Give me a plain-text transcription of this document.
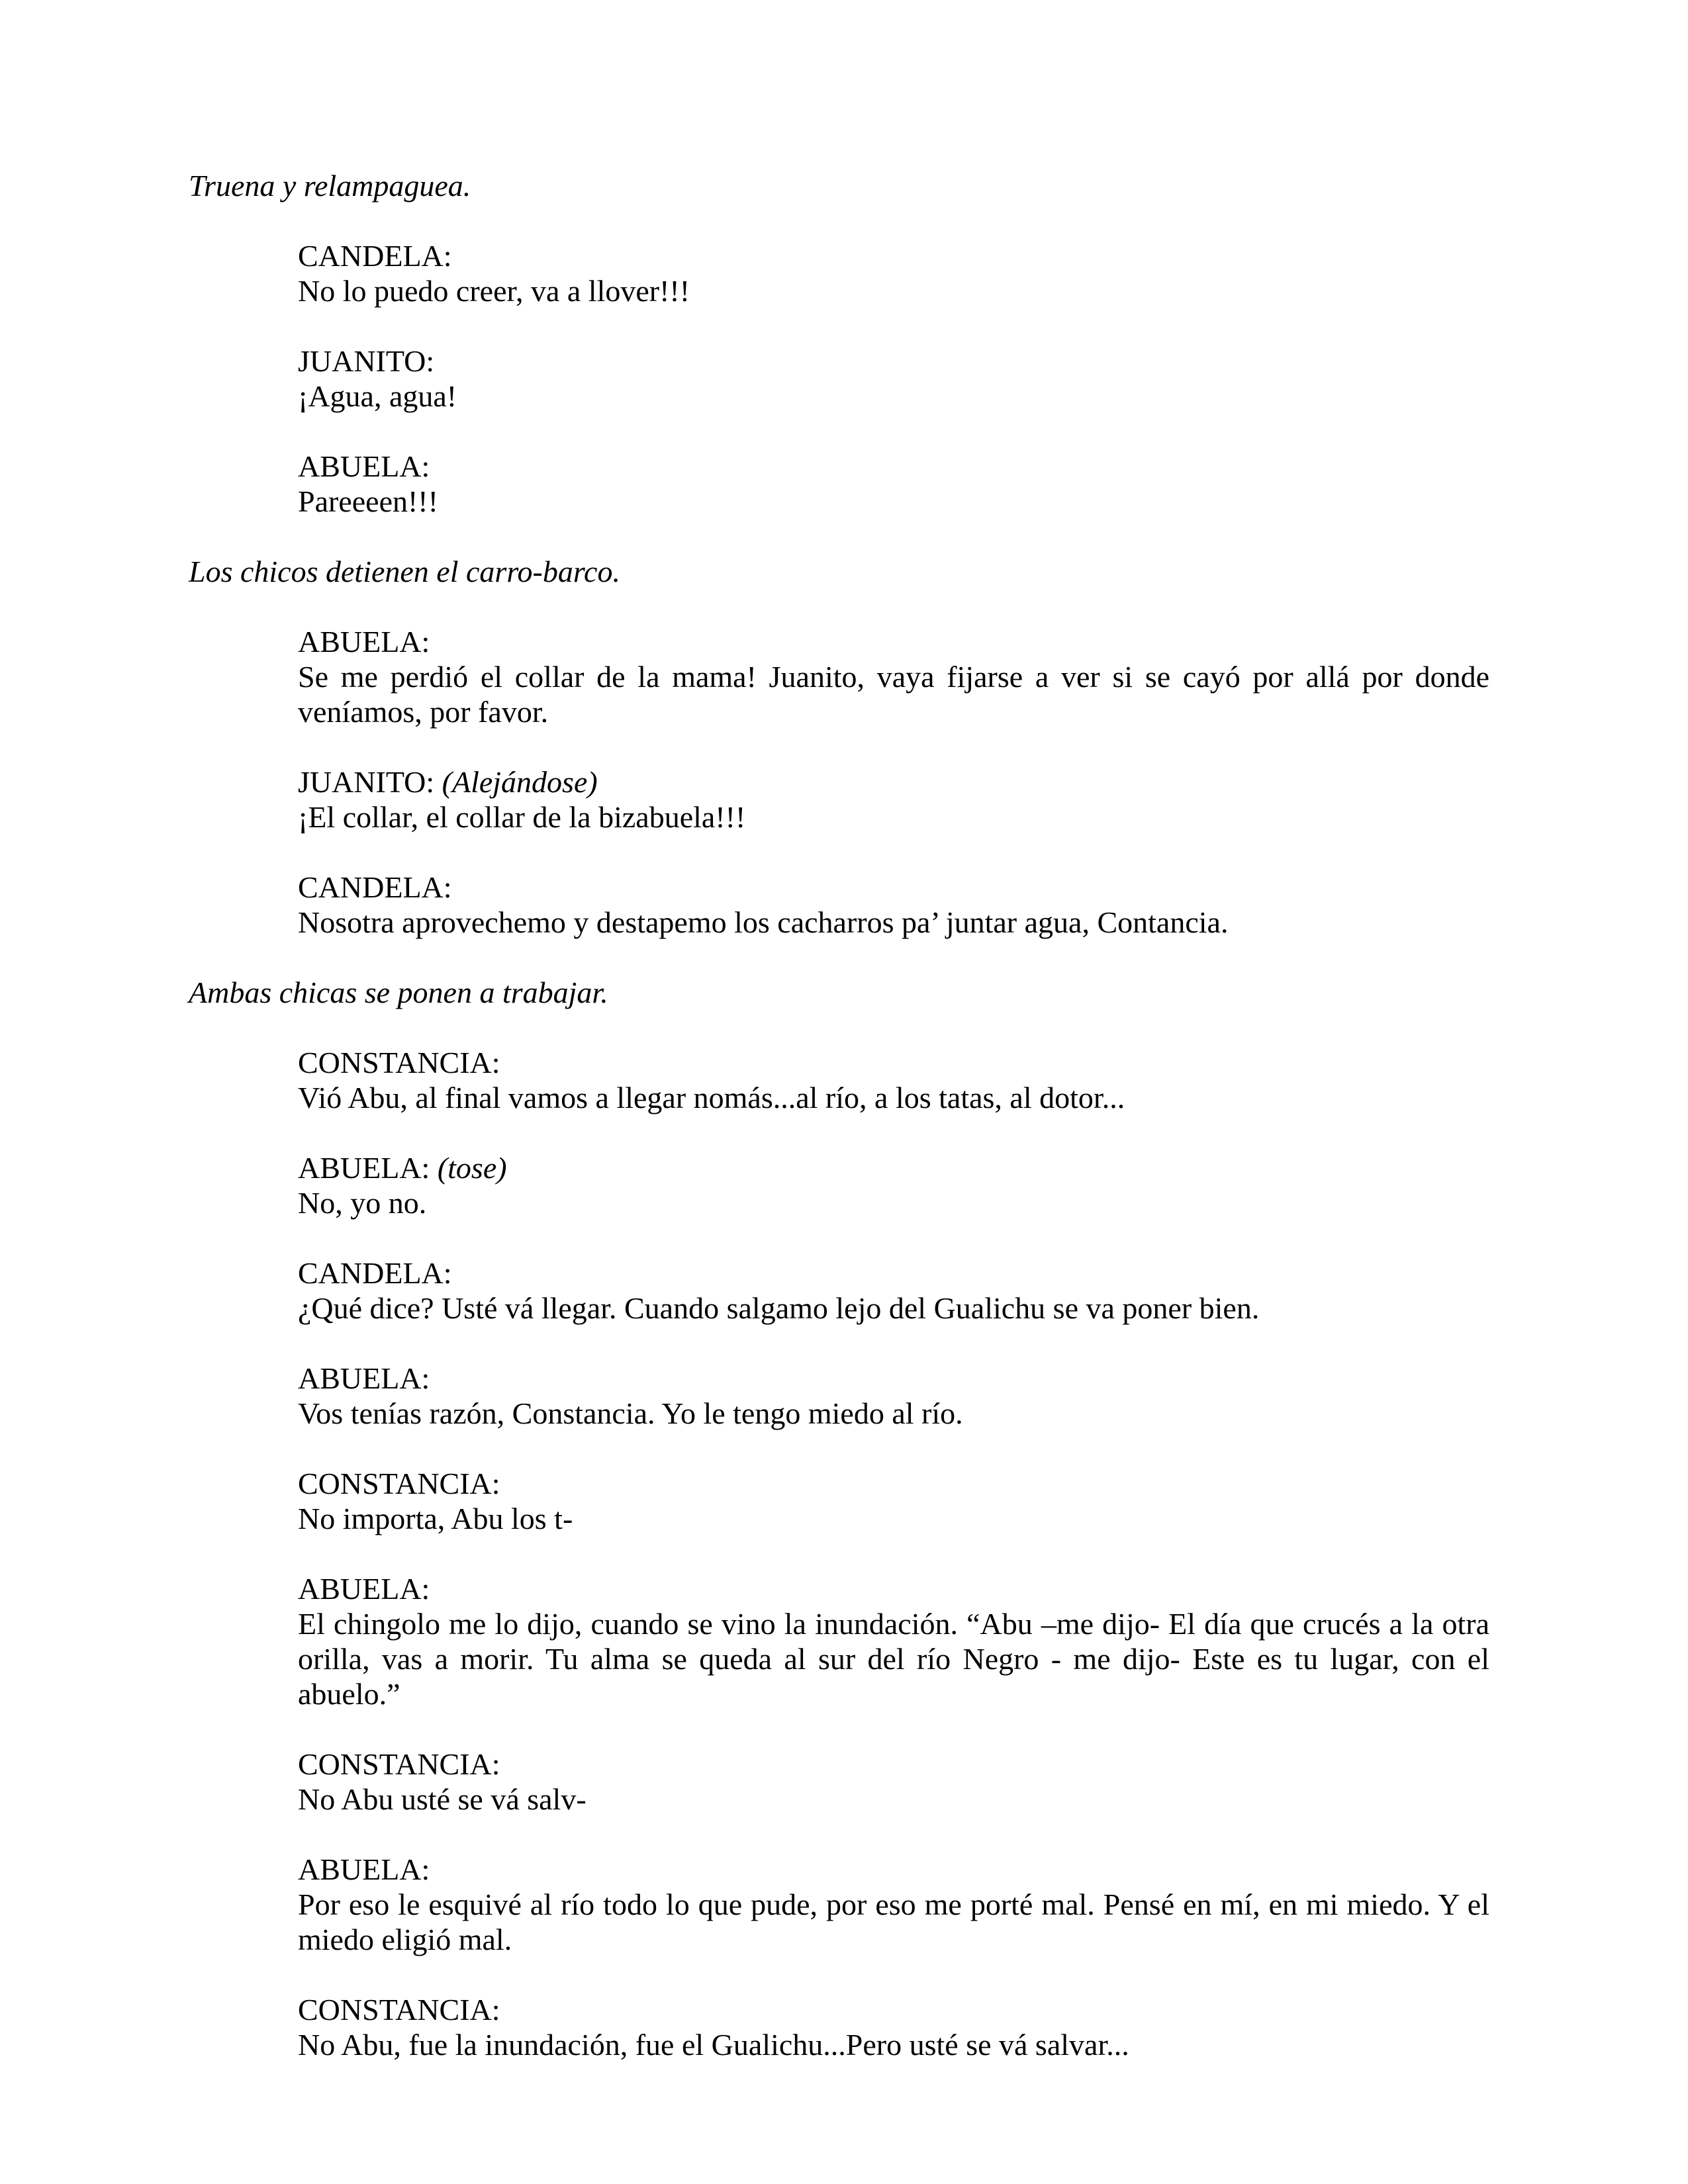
Truena y relampaguea.

CANDELA:

No lo puedo creer, va a llover!!!

JUANITO:

¡Agua, agua!

ABUELA:

Pareeeen!!!

Los chicos detienen el carro-barco.

ABUELA:

Se me perdió el collar de la mama! Juanito, vaya fijarse a ver si se cayó por allá por donde veníamos, por favor.

JUANITO: (Alejándose)

¡El collar, el collar de la bizabuela!!!

CANDELA:

Nosotra aprovechemo y destapemo los cacharros pa’ juntar agua, Contancia.

Ambas chicas se ponen a trabajar.

CONSTANCIA:

Vió Abu, al final vamos a llegar nomás...al río, a los tatas, al dotor...

ABUELA: (tose)

No, yo no.

CANDELA:

¿Qué dice? Usté vá llegar. Cuando salgamo lejo del Gualichu se va poner bien.

ABUELA:

Vos tenías razón, Constancia. Yo le tengo miedo al río.

CONSTANCIA:

No importa, Abu los t-

ABUELA:

El chingolo me lo dijo, cuando se vino la inundación. “Abu –me dijo- El día que crucés a la otra orilla, vas a morir. Tu alma se queda al sur del río Negro - me dijo- Este es tu lugar, con el abuelo.”

CONSTANCIA:

No Abu usté se vá salv-

ABUELA:

Por eso le esquivé al río todo lo que pude, por eso me porté mal. Pensé en mí, en mi miedo. Y el miedo eligió mal.

CONSTANCIA:

No Abu, fue la inundación, fue el Gualichu...Pero usté se vá salvar...
